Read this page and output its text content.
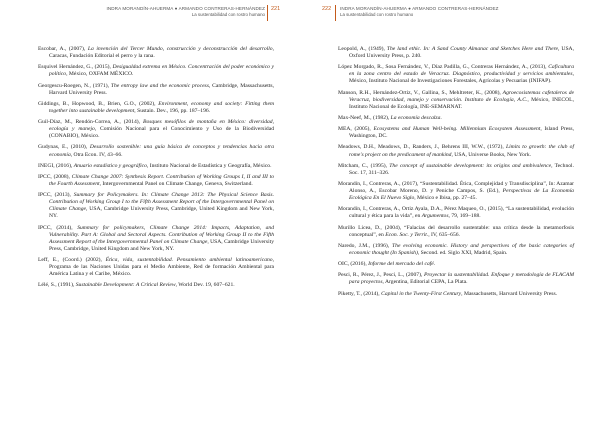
INDRA MORANDÍN-AHUERMA ● ARMANDO CONTRERAS-HERNÁNDEZ
La sustentabilidad con rostro humano
221
Escobar, A., (2007), La invención del Tercer Mundo, construcción y deconstrucción del desarrollo, Caracas, Fundación Editorial el perro y la rana.
Esquivel Hernández, G., (2015), Desigualdad extrema en México. Concentración del poder económico y político, México, OXFAM MÉXICO.
Georgescu-Roegen, N., (1971), The entropy law and the economic process, Cambridge, Massachusetts, Harvard University Press.
Giddings, B., Hopwood, B., Brien, G.O., (2002), Environment, economy and society: Fitting them together into sustainable development, Sustain. Dev., 196, pp. 187–196.
Guil-Díaz, M., Rendón-Correa, A., (2014), Bosques mesófilos de montaña en México: diversidad, ecología y manejo, Comisión Nacional para el Conocimiento y Uso de la Biodiversidad (CONABIO), México.
Gudynas, E., (2010), Desarrollo sostenible: una guía básica de conceptos y tendencias hacia otra economía, Otra Econ. IV, 43–66.
INEGI, (2016), Anuario estadístico y geográfico, Instituto Nacional de Estadística y Geografía, México.
IPCC, (2008), Climate Change 2007: Synthesis Report. Contribution of Working Groups I, II and III to the Fourth Assessment, Intergovernmental Panel on Climate Change, Geneva, Switzerland.
IPCC, (2013), Summary for Policymakers. In: Climate Change 2013: The Physical Science Basis. Contribution of Working Group I to the Fifth Assessment Report of the Intergovernmental Panel on Climate Change, USA, Cambridge University Press, Cambridge, United Kingdom and New York, NY.
IPCC, (2014), Summary for policymakers, Climate Change 2014: Impacts, Adaptation, and Vulnerability. Part A: Global and Sectoral Aspects. Contribution of Working Group II to the Fifth Assessment Report of the Intergovernmental Panel on Climate Change, USA, Cambridge University Press, Cambridge, United Kingdom and New York, NY.
Leff, E., (Coord.) (2002), Ética, vida, sustentabilidad. Pensamiento ambiental latinoamericano, Programa de las Naciones Unidas para el Medio Ambiente, Red de formación Ambiental para América Latina y el Caribe, México.
Lélé, S., (1991), Sustainable Development: A Critical Review, World Dev. 19, 607–621.
222 INDRA MORANDÍN-AHUERMA ● ARMANDO CONTRERAS-HERNÁNDEZ
La sustentabilidad con rostro humano
Leopold, A., (1949), The land ethic. In: A Sand County Almanac and Sketches Here and There, USA, Oxford University Press, p. 240.
López Morgado, R., Sosa Fernández, V., Díaz Padilla, G., Contreras Hernández, A., (2013), Caficultura en la zona centro del estado de Veracruz. Diagnóstico, productividad y servicios ambientales, México, Instituto Nacional de Investigaciones Forestales, Agrícolas y Pecuarias (INIFAP).
Manson, R.H., Hernández-Ortiz, V., Gallina, S., Mehltreter, K., (2008), Agroecosistemas cafetaleros de Veracruz, biodiversidad, manejo y conservación. Instituto de Ecología, A.C., México, INECOL, Instituto Nacional de Ecología, INE-SEMARNAT.
Max-Neef, M., (1982), La economía descalza.
MEA, (2005), Ecosystems and Human Well-being. Millennium Ecosystem Assessment, Island Press, Washington, DC.
Meadows, D.H., Meadows, D., Randers, J., Behrens III, W.W., (1972), Limits to growth: the club of rome's project on the predicament of mankind, USA, Universe Books, New York.
Mitcham, C., (1995), The concept of sustainable development: its origins and ambivalence, Technol. Soc. 17, 311–326.
Morandín, I., Contreras, A., (2017), “Sustentabilidad. Ética, Complejidad y Transdisciplina”, In: Azamar Alonso, A., Escobar Moreno, D. y Peniche Campos, S. (Ed.), Perspectivas de La Economía Ecológica En El Nuevo Siglo, México e Ibisa, pp. 27–45.
Morandín, I., Contreras, A., Ortiz Ayala, D.A., Pérez Maqueo, O., (2015), “La sustentabilidad, evolución cultural y ética para la vida”, en Argumentos, 79, 169–188.
Murillo Licea, D., (2004), “Falacias del desarrollo sustentable: una crítica desde la metamorfosis conceptual”, en Econ. Soc. y Territ., IV, 635–656.
Naredo, J.M., (1996), The evolving economic. History and perspectives of the basic categories of economic thought (In Spanish), Second. ed. Siglo XXI, Madrid, Spain.
OIC, (2016), Informe del mercado del café.
Pesci, R., Pérez, J., Pesci, L., (2007), Proyectar la sustentabilidad. Enfoque y metodología de FLACAM para proyectos, Argentina, Editorial CEPA, La Plata.
Piketty, T., (2014), Capital in the Twenty-First Century, Massachusetts, Harvard University Press.
